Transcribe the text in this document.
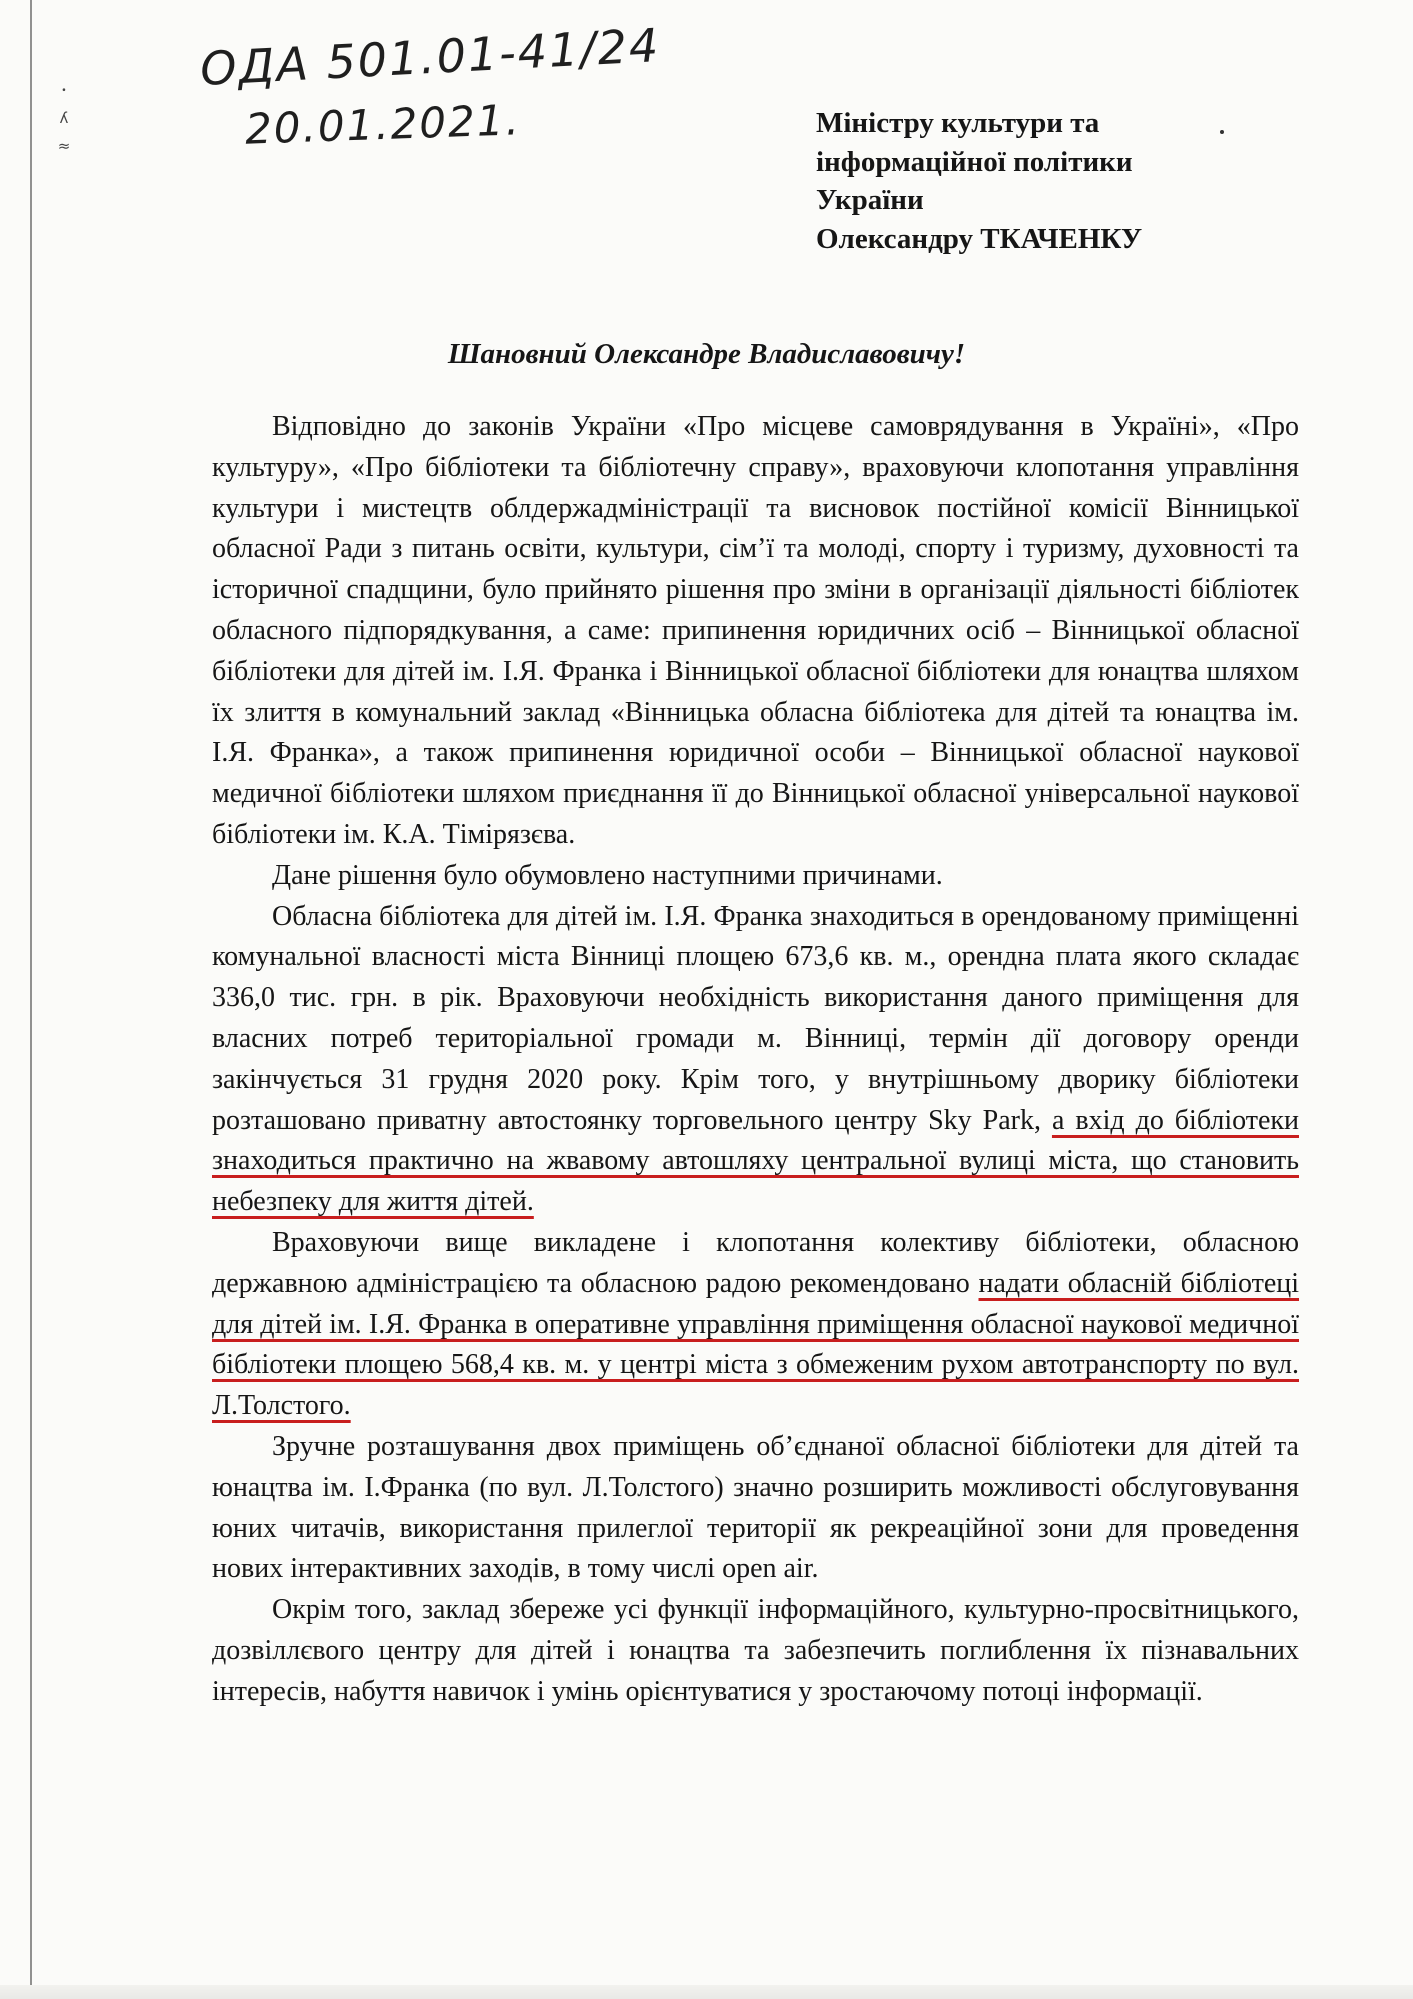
ꞏ
ʎ
≈
ОДА 501.01-41/24
20.01.2021.	Міністру культури та
інформаційної політики
України
Олександру ТКАЧЕНКУ
Шановний Олександре Владиславовичу!

Відповідно до законів України «Про місцеве самоврядування в Україні», «Про культуру», «Про бібліотеки та бібліотечну справу», враховуючи клопотання управління культури і мистецтв облдержадміністрації та висновок постійної комісії Вінницької обласної Ради з питань освіти, культури, сім’ї та молоді, спорту і туризму, духовності та історичної спадщини, було прийнято рішення про зміни в організації діяльності бібліотек обласного підпорядкування, а саме: припинення юридичних осіб – Вінницької обласної бібліотеки для дітей ім. І.Я. Франка і Вінницької обласної бібліотеки для юнацтва шляхом їх злиття в комунальний заклад «Вінницька обласна бібліотека для дітей та юнацтва ім. І.Я. Франка», а також припинення юридичної особи – Вінницької обласної наукової медичної бібліотеки шляхом приєднання її до Вінницької обласної універсальної наукової бібліотеки ім. К.А. Тімірязєва.

Дане рішення було обумовлено наступними причинами.

Обласна бібліотека для дітей ім. І.Я. Франка знаходиться в орендованому приміщенні комунальної власності міста Вінниці площею 673,6 кв. м., орендна плата якого складає 336,0 тис. грн. в рік. Враховуючи необхідність використання даного приміщення для власних потреб територіальної громади м. Вінниці, термін дії договору оренди закінчується 31 грудня 2020 року. Крім того, у внутрішньому дворику бібліотеки розташовано приватну автостоянку торговельного центру Sky Park, а вхід до бібліотеки знаходиться практично на жвавому автошляху центральної вулиці міста, що становить небезпеку для життя дітей.

Враховуючи вище викладене і клопотання колективу бібліотеки, обласною державною адміністрацією та обласною радою рекомендовано надати обласній бібліотеці для дітей ім. І.Я. Франка в оперативне управління приміщення обласної наукової медичної бібліотеки площею 568,4 кв. м. у центрі міста з обмеженим рухом автотранспорту по вул. Л.Толстого.

Зручне розташування двох приміщень об’єднаної обласної бібліотеки для дітей та юнацтва ім. І.Франка (по вул. Л.Толстого) значно розширить можливості обслуговування юних читачів, використання прилеглої території як рекреаційної зони для проведення нових інтерактивних заходів, в тому числі open air.

Окрім того, заклад збереже усі функції інформаційного, культурно-просвітницького, дозвіллєвого центру для дітей і юнацтва та забезпечить поглиблення їх пізнавальних інтересів, набуття навичок і умінь орієнтуватися у зростаючому потоці інформації.
